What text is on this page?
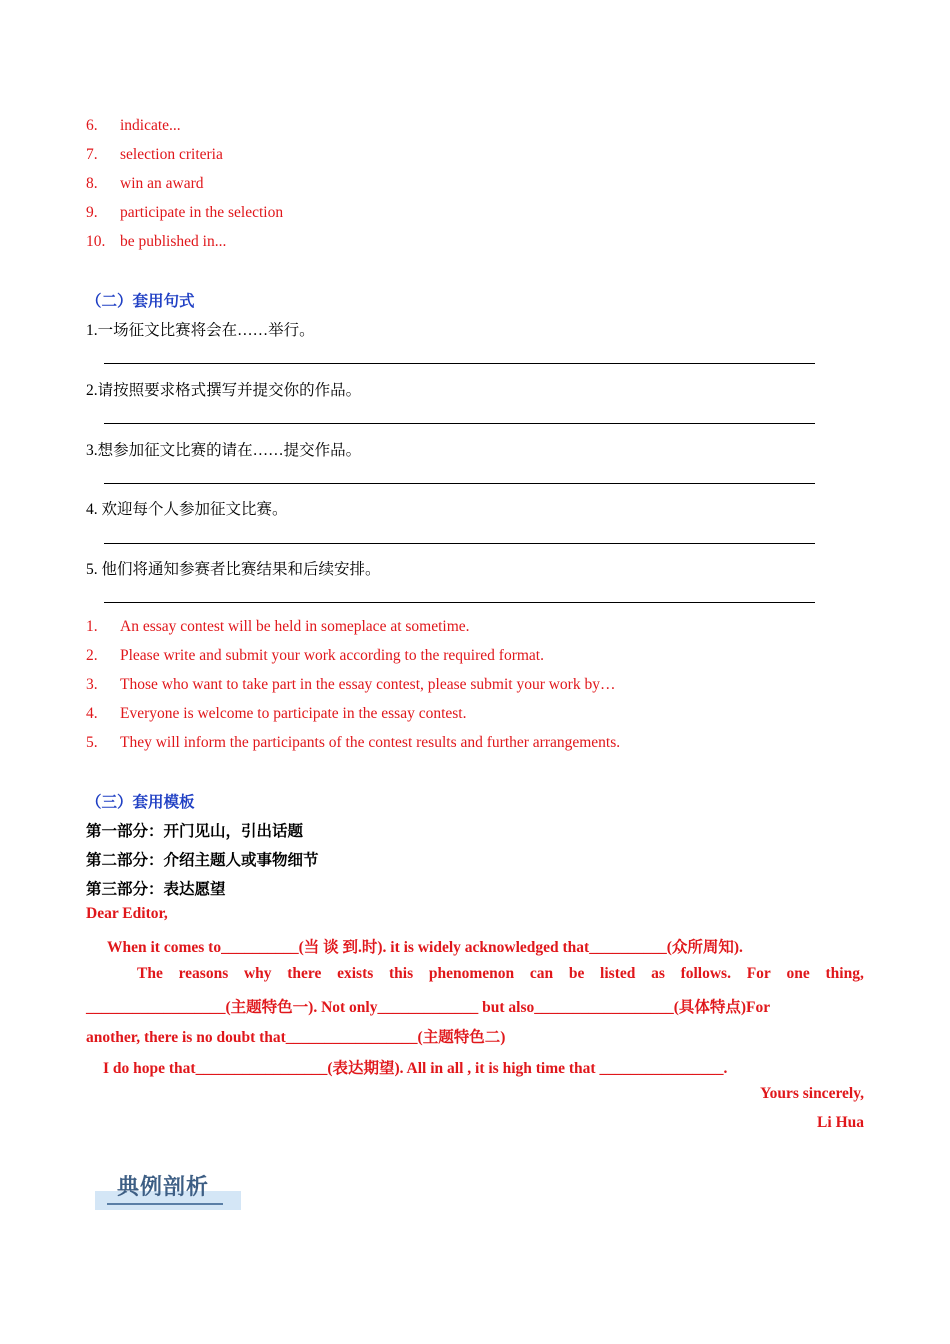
6. indicate...
7. selection criteria
8. win an award
9. participate in the selection
10. be published in...
（二）套用句式
1.一场征文比赛将会在……举行。
2.请按照要求格式撰写并提交你的作品。
3.想参加征文比赛的请在……提交作品。
4. 欢迎每个人参加征文比赛。
5. 他们将通知参赛者比赛结果和后续安排。
1. An essay contest will be held in someplace at sometime.
2. Please write and submit your work according to the required format.
3. Those who want to take part in the essay contest, please submit your work by…
4. Everyone is welcome to participate in the essay contest.
5. They will inform the participants of the contest results and further arrangements.
（三）套用模板
第一部分：开门见山，引出话题
第二部分：介绍主题人或事物细节
第三部分：表达愿望
Dear Editor,
When it comes to__________(当 谈 到.时). it is widely acknowledged that__________(众所周知).
The reasons why there exists this phenomenon can be listed as follows. For one thing,
__________________(主题特色一). Not only_____________ but also__________________(具体特点)For
another, there is no doubt that_________________(主题特色二)
I do hope that_________________(表达期望). All in all , it is high time that ________________.
Yours sincerely,
Li Hua
典例剖析
